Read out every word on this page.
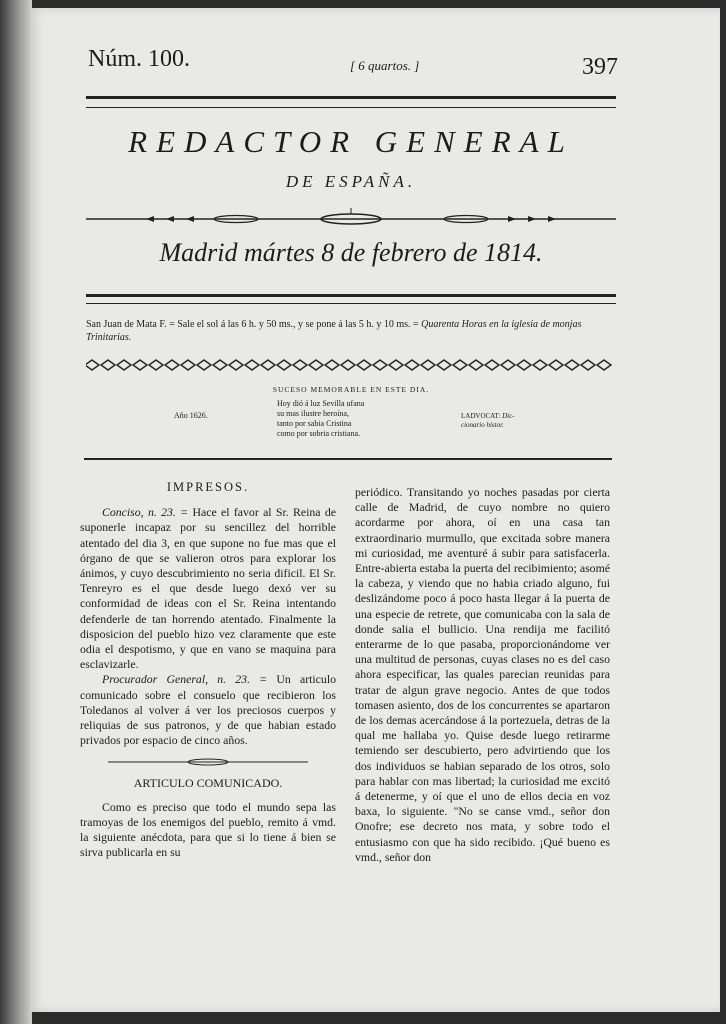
Núm. 100.	[ 6 quartos. ]	397
REDACTOR GENERAL
DE ESPAÑA.
Madrid mártes 8 de febrero de 1814.
San Juan de Mata F. = Sale el sol á las 6 h. y 50 ms., y se pone á las 5 h. y 10 ms. = Quarenta Horas en la iglesia de monjas Trinitarias.
SUCESO MEMORABLE EN ESTE DIA.
Año 1626.
Hoy dió á luz Sevilla ufana
su mas ilustre heroína,
tanto por sabia Cristina
como por sobria cristiana.
LADVOCAT: Dic-
cionario histor.
IMPRESOS.

Conciso, n. 23. = Hace el favor al Sr. Reina de suponerle incapaz por su sencillez del horrible atentado del dia 3, en que supone no fue mas que el órgano de que se valieron otros para explorar los ánimos, y cuyo descubrimiento no seria dificil. El Sr. Tenreyro es el que desde luego dexó ver su conformidad de ideas con el Sr. Reina intentando defenderle de tan horrendo atentado. Finalmente la disposicion del pueblo hizo vez claramente que este odia el despotismo, y que en vano se maquina para esclavizarle.

Procurador General, n. 23. = Un articulo comunicado sobre el consuelo que recibieron los Toledanos al volver á ver los preciosos cuerpos y reliquias de sus patronos, y de que habian estado privados por espacio de cinco años.

ARTICULO COMUNICADO.

Como es preciso que todo el mundo sepa las tramoyas de los enemigos del pueblo, remito á vmd. la siguiente anécdota, para que si lo tiene á bien se sirva publicarla en su

periódico. Transitando yo noches pasadas por cierta calle de Madrid, de cuyo nombre no quiero acordarme por ahora, oí en una casa tan extraordinario murmullo, que excitada sobre manera mi curiosidad, me aventuré á subir para satisfacerla. Entre-abierta estaba la puerta del recibimiento; asomé la cabeza, y viendo que no habia criado alguno, fui deslizándome poco á poco hasta llegar á la puerta de una especie de retrete, que comunicaba con la sala de donde salia el bullicio. Una rendija me facilitó enterarme de lo que pasaba, proporcionándome ver una multitud de personas, cuyas clases no es del caso ahora especificar, las quales parecian reunidas para tratar de algun grave negocio. Antes de que todos tomasen asiento, dos de los concurrentes se apartaron de los demas acercándose á la portezuela, detras de la qual me hallaba yo. Quise desde luego retirarme temiendo ser descubierto, pero advirtiendo que los dos individuos se habian separado de los otros, solo para hablar con mas libertad; la curiosidad me excitó á detenerme, y oí que el uno de ellos decia en voz baxa, lo siguiente. "No se canse vmd., señor don Onofre; ese decreto nos mata, y sobre todo el entusiasmo con que ha sido recibido. ¡Qué bueno es vmd., señor don
